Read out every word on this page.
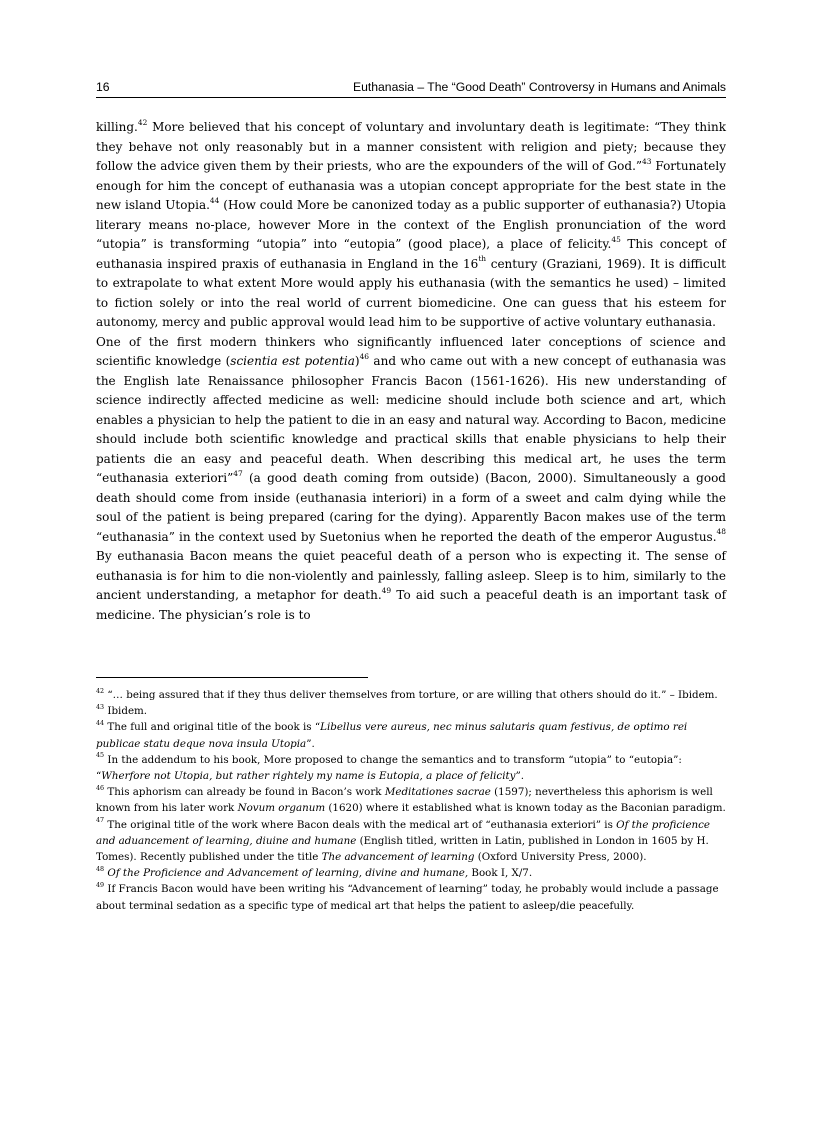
16	Euthanasia – The “Good Death” Controversy in Humans and Animals

killing.$^{42}$ More believed that his concept of voluntary and involuntary death is legitimate: “They think they behave not only reasonably but in a manner consistent with religion and piety; because they follow the advice given them by their priests, who are the expounders of the will of God.”$^{43}$ Fortunately enough for him the concept of euthanasia was a utopian concept appropriate for the best state in the new island Utopia.$^{44}$ (How could More be canonized today as a public supporter of euthanasia?) Utopia literary means no-place, however More in the context of the English pronunciation of the word “utopia” is transforming “utopia” into “eutopia” (good place), a place of felicity.$^{45}$ This concept of euthanasia inspired praxis of euthanasia in England in the 16th century (Graziani, 1969). It is difficult to extrapolate to what extent More would apply his euthanasia (with the semantics he used) – limited to fiction solely or into the real world of current biomedicine. One can guess that his esteem for autonomy, mercy and public approval would lead him to be supportive of active voluntary euthanasia.

One of the first modern thinkers who significantly influenced later conceptions of science and scientific knowledge (scientia est potentia)$^{46}$ and who came out with a new concept of euthanasia was the English late Renaissance philosopher Francis Bacon (1561-1626). His new understanding of science indirectly affected medicine as well: medicine should include both science and art, which enables a physician to help the patient to die in an easy and natural way. According to Bacon, medicine should include both scientific knowledge and practical skills that enable physicians to help their patients die an easy and peaceful death. When describing this medical art, he uses the term “euthanasia exteriori”$^{47}$ (a good death coming from outside) (Bacon, 2000). Simultaneously a good death should come from inside (euthanasia interiori) in a form of a sweet and calm dying while the soul of the patient is being prepared (caring for the dying). Apparently Bacon makes use of the term “euthanasia” in the context used by Suetonius when he reported the death of the emperor Augustus.$^{48}$ By euthanasia Bacon means the quiet peaceful death of a person who is expecting it. The sense of euthanasia is for him to die non-violently and painlessly, falling asleep. Sleep is to him, similarly to the ancient understanding, a metaphor for death.$^{49}$ To aid such a peaceful death is an important task of medicine. The physician’s role is to

$^{42}$ “… being assured that if they thus deliver themselves from torture, or are willing that others should do it.” – Ibidem.

$^{43}$ Ibidem.

$^{44}$ The full and original title of the book is “Libellus vere aureus, nec minus salutaris quam festivus, de optimo rei publicae statu deque nova insula Utopia”.

$^{45}$ In the addendum to his book, More proposed to change the semantics and to transform “utopia” to “eutopia”: “Wherfore not Utopia, but rather rightely my name is Eutopia, a place of felicity”.

$^{46}$ This aphorism can already be found in Bacon’s work Meditationes sacrae (1597); nevertheless this aphorism is well known from his later work Novum organum (1620) where it established what is known today as the Baconian paradigm.

$^{47}$ The original title of the work where Bacon deals with the medical art of “euthanasia exteriori” is Of the proficience and aduancement of learning, diuine and humane (English titled, written in Latin, published in London in 1605 by H. Tomes). Recently published under the title The advancement of learning (Oxford University Press, 2000).

$^{48}$ Of the Proficience and Advancement of learning, divine and humane, Book I, X/7.

$^{49}$ If Francis Bacon would have been writing his “Advancement of learning” today, he probably would include a passage about terminal sedation as a specific type of medical art that helps the patient to asleep/die peacefully.
